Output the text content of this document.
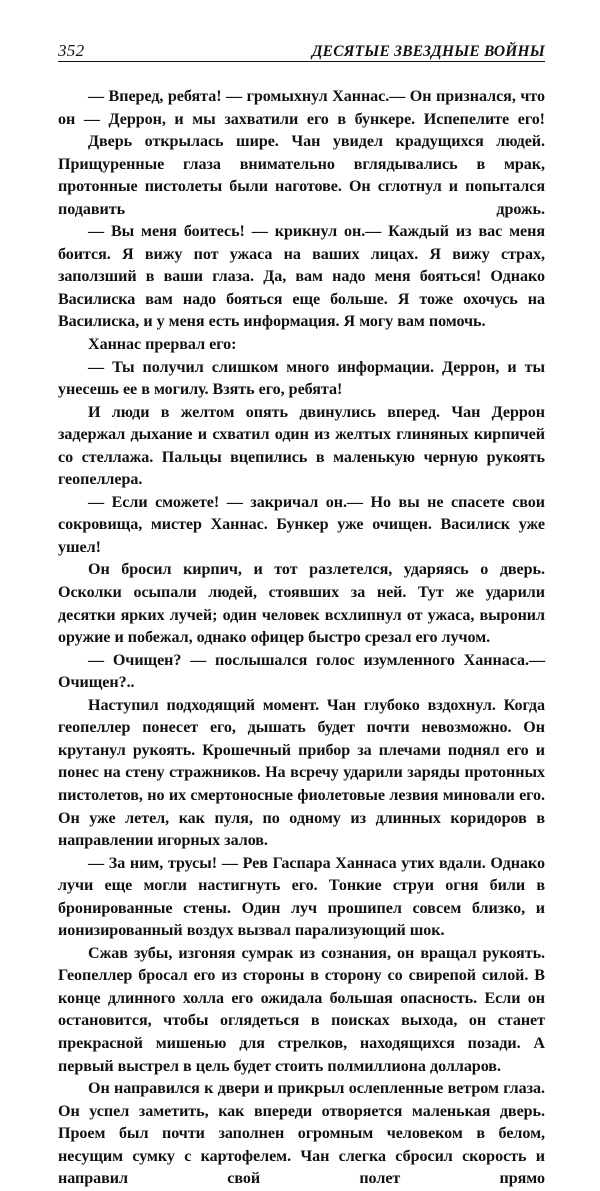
352	ДЕСЯТЫЕ ЗВЕЗДНЫЕ ВОЙНЫ

— Вперед, ребята! — громыхнул Ханнас.— Он признался, что он — Деррон, и мы захватили его в бункере. Испепелите его!

Дверь открылась шире. Чан увидел крадущихся людей. Прищуренные глаза внимательно вглядывались в мрак, протонные пистолеты были наготове. Он сглотнул и попытался подавить дрожь.

— Вы меня боитесь! — крикнул он.— Каждый из вас меня боится. Я вижу пот ужаса на ваших лицах. Я вижу страх, заползший в ваши глаза. Да, вам надо меня бояться! Однако Василиска вам надо бояться еще больше. Я тоже охочусь на Василиска, и у меня есть информация. Я могу вам помочь.

Ханнас прервал его:

— Ты получил слишком много информации. Деррон, и ты унесешь ее в могилу. Взять его, ребята!

И люди в желтом опять двинулись вперед. Чан Деррон задержал дыхание и схватил один из желтых глиняных кирпичей со стеллажа. Пальцы вцепились в маленькую черную рукоять геопеллера.

— Если сможете! — закричал он.— Но вы не спасете свои сокровища, мистер Ханнас. Бункер уже очищен. Василиск уже ушел!

Он бросил кирпич, и тот разлетелся, ударяясь о дверь. Осколки осыпали людей, стоявших за ней. Тут же ударили десятки ярких лучей; один человек всхлипнул от ужаса, выронил оружие и побежал, однако офицер быстро срезал его лучом.

— Очищен? — послышался голос изумленного Ханнаса.— Очищен?..

Наступил подходящий момент. Чан глубоко вздохнул. Когда геопеллер понесет его, дышать будет почти невозможно. Он крутанул рукоять. Крошечный прибор за плечами поднял его и понес на стену стражников. На всречу ударили заряды протонных пистолетов, но их смертоносные фиолетовые лезвия миновали его. Он уже летел, как пуля, по одному из длинных коридоров в направлении игорных залов.

— За ним, трусы! — Рев Гаспара Ханнаса утих вдали. Однако лучи еще могли настигнуть его. Тонкие струи огня били в бронированные стены. Один луч прошипел совсем близко, и ионизированный воздух вызвал парализующий шок.

Сжав зубы, изгоняя сумрак из сознания, он вращал рукоять. Геопеллер бросал его из стороны в сторону со свирепой силой. В конце длинного холла его ожидала большая опасность. Если он остановится, чтобы оглядеться в поисках выхода, он станет прекрасной мишенью для стрелков, находящихся позади. А первый выстрел в цель будет стоить полмиллиона долларов.

Он направился к двери и прикрыл ослепленные ветром глаза. Он успел заметить, как впереди отворяется маленькая дверь. Проем был почти заполнен огромным человеком в белом, несущим сумку с картофелем. Чан слегка сбросил скорость и направил свой полет прямо
